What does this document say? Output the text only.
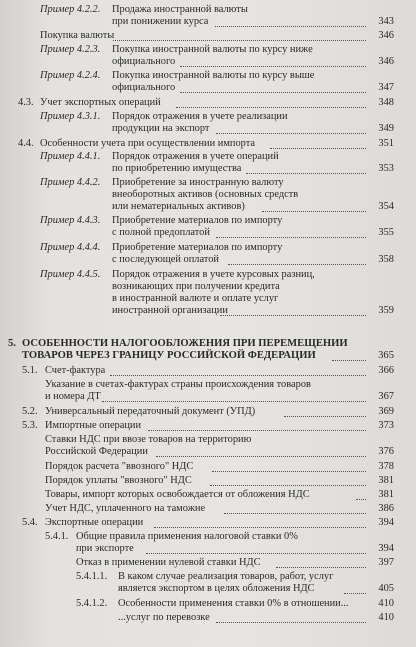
Пример 4.2.2. Продажа иностранной валюты
при понижении курса	343
Покупка валюты	346
Пример 4.2.3. Покупка иностранной валюты по курсу ниже
официального	346
Пример 4.2.4. Покупка иностранной валюты по курсу выше
официального	347
4.3. Учет экспортных операций	348
Пример 4.3.1. Порядок отражения в учете реализации
продукции на экспорт	349
4.4. Особенности учета при осуществлении импорта	351
Пример 4.4.1. Порядок отражения в учете операций
по приобретению имущества	353
Пример 4.4.2. Приобретение за иностранную валюту
внеоборотных активов (основных средств
или нематериальных активов)	354
Пример 4.4.3. Приобретение материалов по импорту
с полной предоплатой	355
Пример 4.4.4. Приобретение материалов по импорту
с последующей оплатой	358
Пример 4.4.5. Порядок отражения в учете курсовых разниц,
возникающих при получении кредита
в иностранной валюте и оплате услуг
иностранной организации	359
5. ОСОБЕННОСТИ НАЛОГООБЛОЖЕНИЯ ПРИ ПЕРЕМЕЩЕНИИ
ТОВАРОВ ЧЕРЕЗ ГРАНИЦУ РОССИЙСКОЙ ФЕДЕРАЦИИ	365
5.1. Счет-фактура	366
Указание в счетах-фактурах страны происхождения товаров
и номера ДТ	367
5.2. Универсальный передаточный документ (УПД)	369
5.3. Импортные операции	373
Ставки НДС при ввозе товаров на территорию
Российской Федерации	376
Порядок расчета "ввозного" НДС	378
Порядок уплаты "ввозного" НДС	381
Товары, импорт которых освобождается от обложения НДС	381
Учет НДС, уплаченного на таможне	386
5.4. Экспортные операции	394
5.4.1. Общие правила применения налоговой ставки 0%
при экспорте	394
Отказ в применении нулевой ставки НДС	397
5.4.1.1. В каком случае реализация товаров, работ, услуг
является экспортом в целях обложения НДС	405
5.4.1.2. Особенности применения ставки 0% в отношении...	410
...услуг по перевозке	410
